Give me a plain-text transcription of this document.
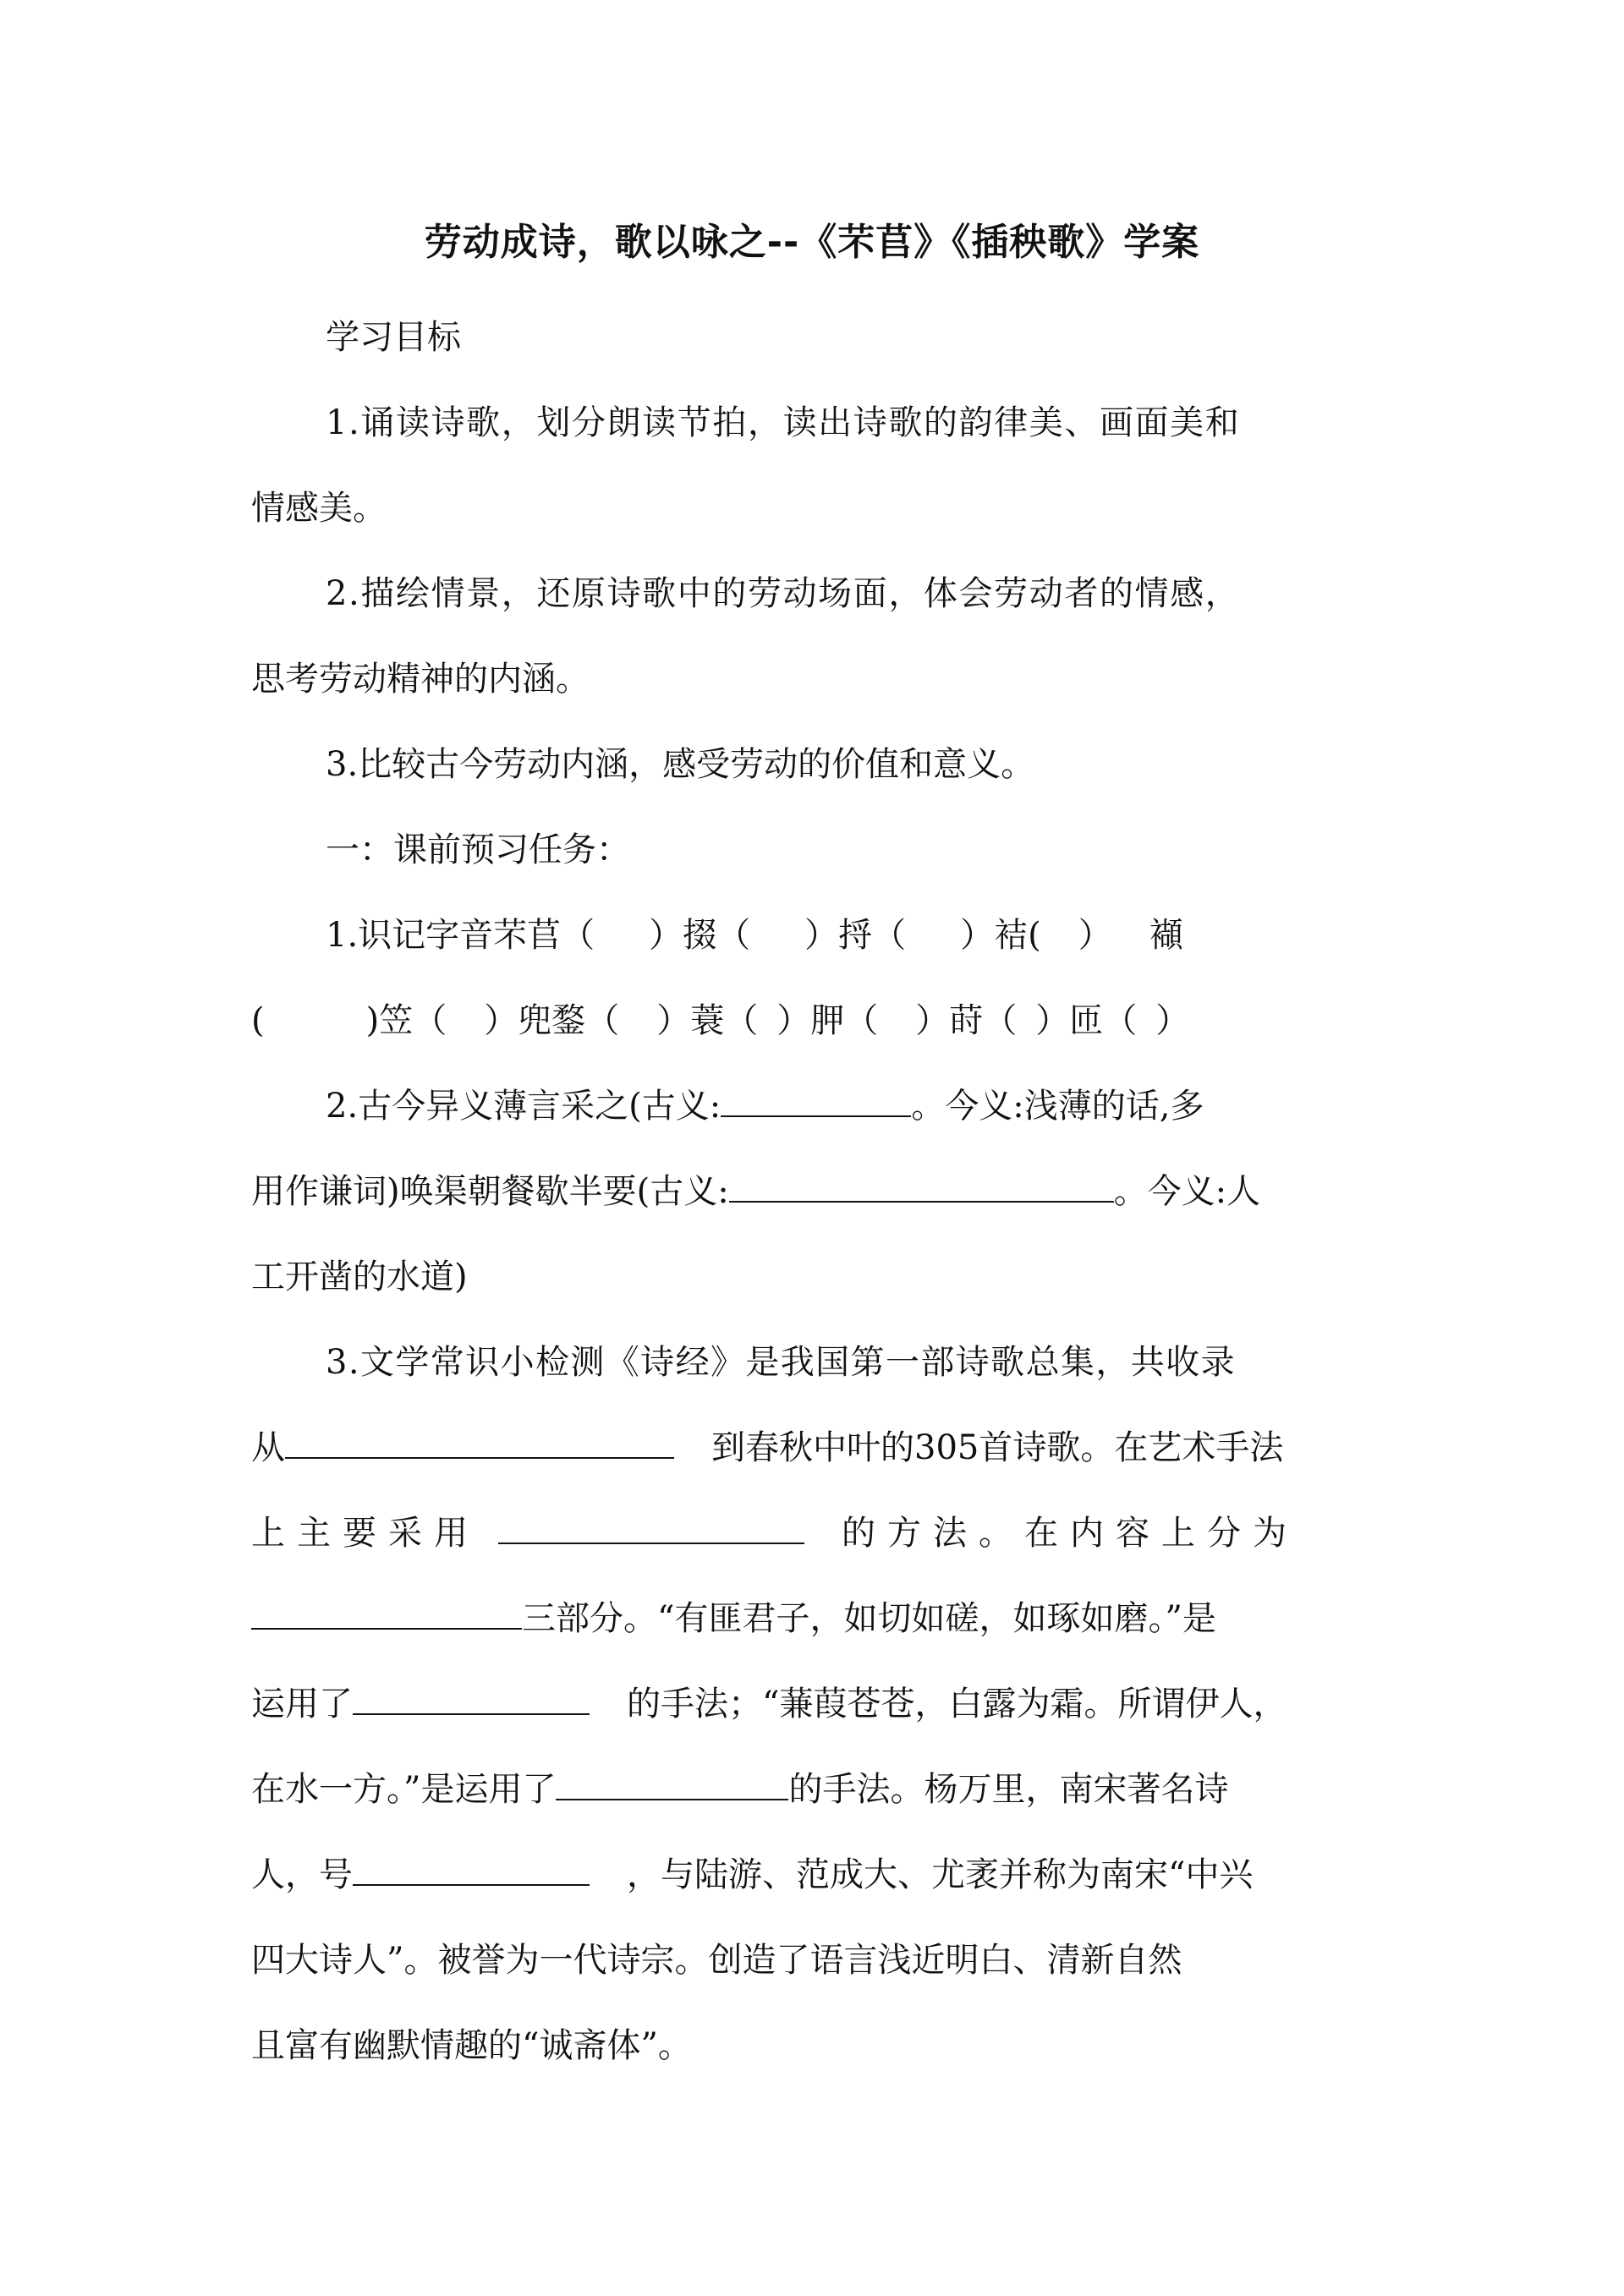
劳动成诗，歌以咏之--《芣苢》《插秧歌》学案
学习目标
1.诵读诗歌，划分朗读节拍，读出诗歌的韵律美、画面美和
情感美。
2.描绘情景，还原诗歌中的劳动场面，体会劳动者的情感，
思考劳动精神的内涵。
3.比较古今劳动内涵，感受劳动的价值和意义。
一：课前预习任务：
1.识记字音芣苢（ ）掇（ ）捋（ ）袺( ） 襭
(	)笠（ ）兜鍪（ ）蓑（ ）胛（ ）莳（ ）匝（ ）
2.古今异义薄言采之(古义:	。今义:浅薄的话,多
用作谦词)唤渠朝餐歇半要(古义:	。今义:人
工开凿的水道)
3.文学常识小检测《诗经》是我国第一部诗歌总集，共收录
从	到春秋中叶的305首诗歌。在艺术手法
上主要采用	的方法。在内容上分为
三部分。“有匪君子，如切如磋，如琢如磨。”是
运用了	的手法；“蒹葭苍苍，白露为霜。所谓伊人，
在水一方。”是运用了	的手法。杨万里，南宋著名诗
人，号	，与陆游、范成大、尤袤并称为南宋“中兴
四大诗人”。被誉为一代诗宗。创造了语言浅近明白、清新自然
且富有幽默情趣的“诚斋体”。
